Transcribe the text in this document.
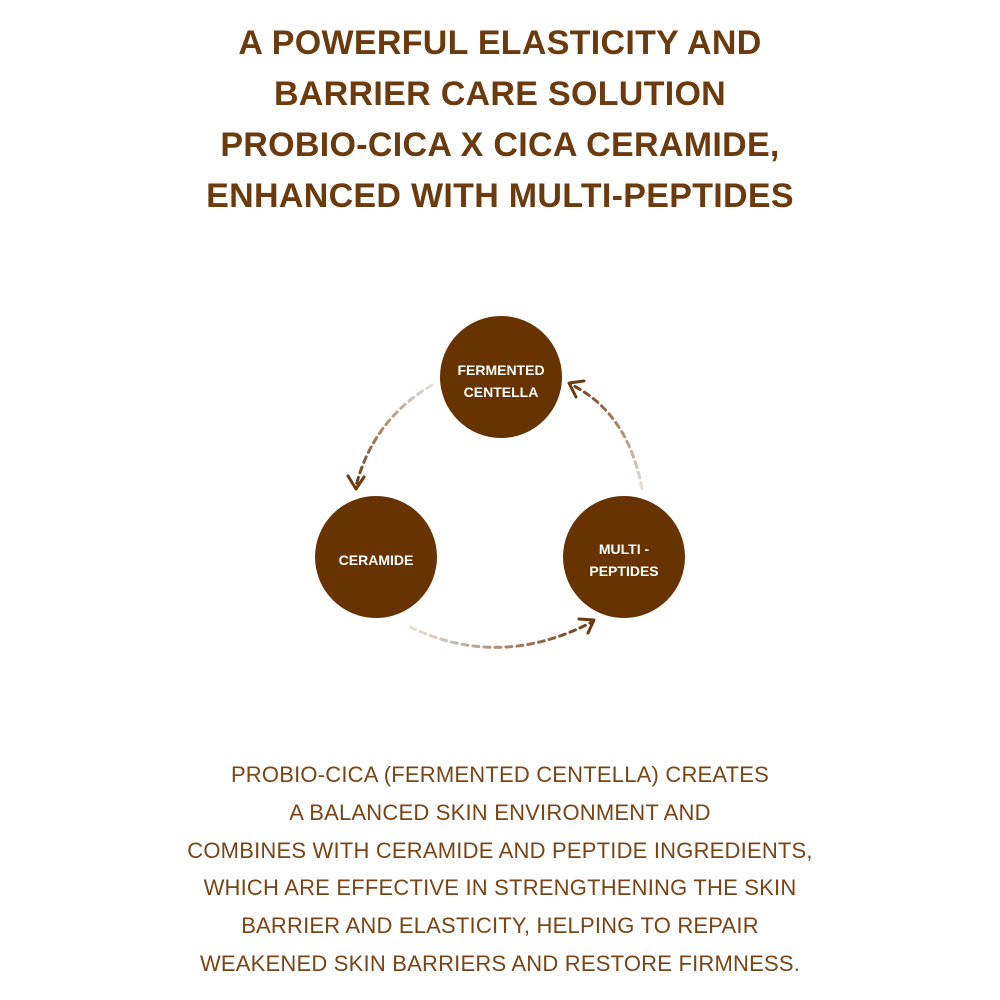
A POWERFUL ELASTICITY AND
BARRIER CARE SOLUTION
PROBIO-CICA X CICA CERAMIDE,
ENHANCED WITH MULTI-PEPTIDES
FERMENTED
CENTELLA
CERAMIDE
MULTI -
PEPTIDES
PROBIO-CICA (FERMENTED CENTELLA) CREATES
A BALANCED SKIN ENVIRONMENT AND
COMBINES WITH CERAMIDE AND PEPTIDE INGREDIENTS,
WHICH ARE EFFECTIVE IN STRENGTHENING THE SKIN
BARRIER AND ELASTICITY, HELPING TO REPAIR
WEAKENED SKIN BARRIERS AND RESTORE FIRMNESS.
